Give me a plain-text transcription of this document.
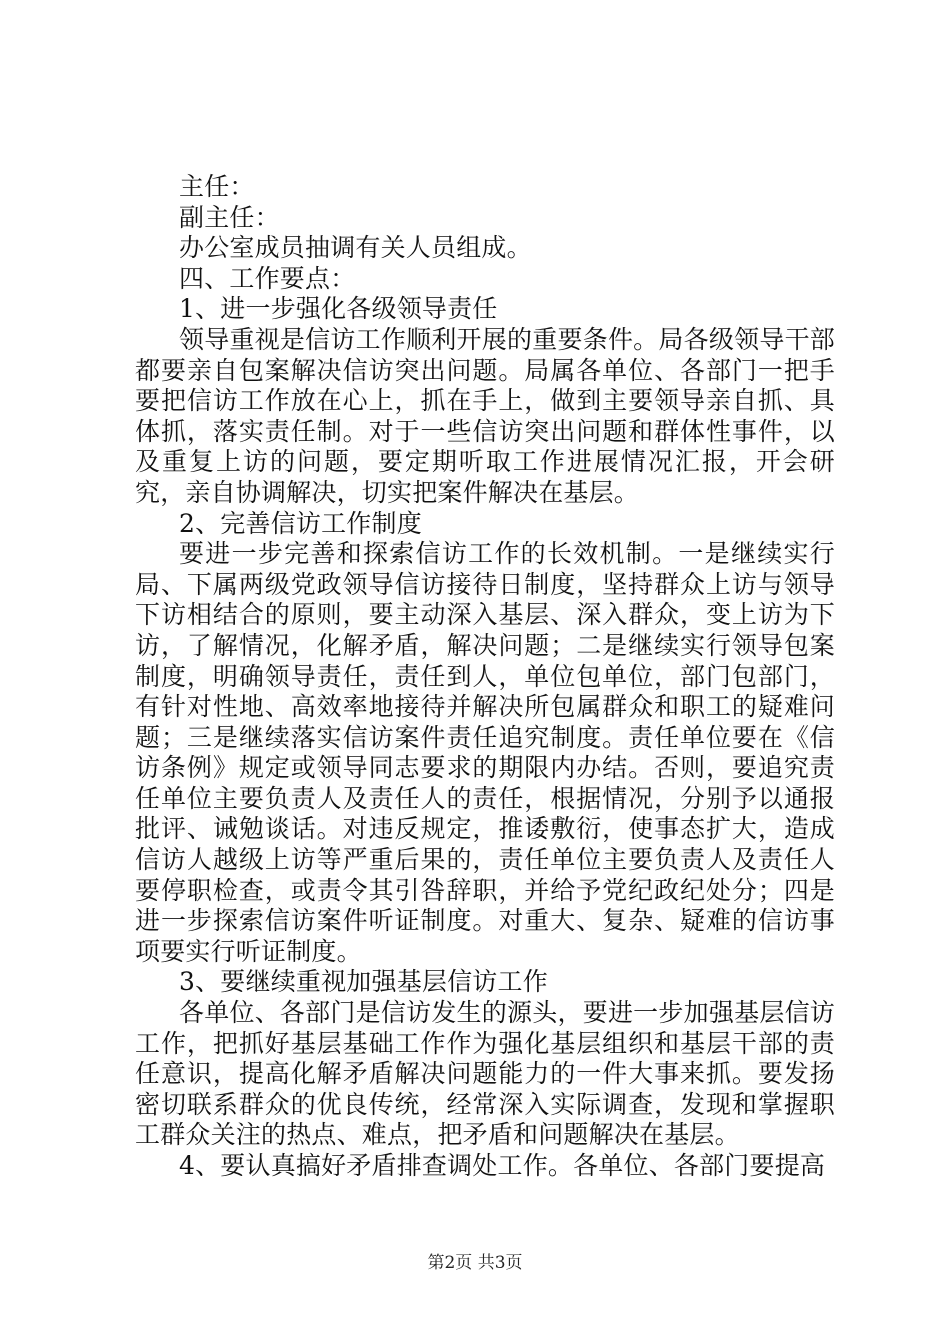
主任：

副主任：

办公室成员抽调有关人员组成。

四、工作要点：

1、进一步强化各级领导责任

领导重视是信访工作顺利开展的重要条件。局各级领导干部都要亲自包案解决信访突出问题。局属各单位、各部门一把手要把信访工作放在心上，抓在手上，做到主要领导亲自抓、具体抓，落实责任制。对于一些信访突出问题和群体性事件，以及重复上访的问题，要定期听取工作进展情况汇报，开会研究，亲自协调解决，切实把案件解决在基层。

2、完善信访工作制度

要进一步完善和探索信访工作的长效机制。一是继续实行局、下属两级党政领导信访接待日制度，坚持群众上访与领导下访相结合的原则，要主动深入基层、深入群众，变上访为下访，了解情况，化解矛盾，解决问题；二是继续实行领导包案制度，明确领导责任，责任到人，单位包单位，部门包部门，有针对性地、高效率地接待并解决所包属群众和职工的疑难问题；三是继续落实信访案件责任追究制度。责任单位要在《信访条例》规定或领导同志要求的期限内办结。否则，要追究责任单位主要负责人及责任人的责任，根据情况，分别予以通报批评、诫勉谈话。对违反规定，推诿敷衍，使事态扩大，造成信访人越级上访等严重后果的，责任单位主要负责人及责任人要停职检查，或责令其引咎辞职，并给予党纪政纪处分；四是进一步探索信访案件听证制度。对重大、复杂、疑难的信访事项要实行听证制度。

3、要继续重视加强基层信访工作

各单位、各部门是信访发生的源头，要进一步加强基层信访工作，把抓好基层基础工作作为强化基层组织和基层干部的责任意识，提高化解矛盾解决问题能力的一件大事来抓。要发扬密切联系群众的优良传统，经常深入实际调查，发现和掌握职工群众关注的热点、难点，把矛盾和问题解决在基层。

4、要认真搞好矛盾排查调处工作。各单位、各部门要提高

第2页 共3页
